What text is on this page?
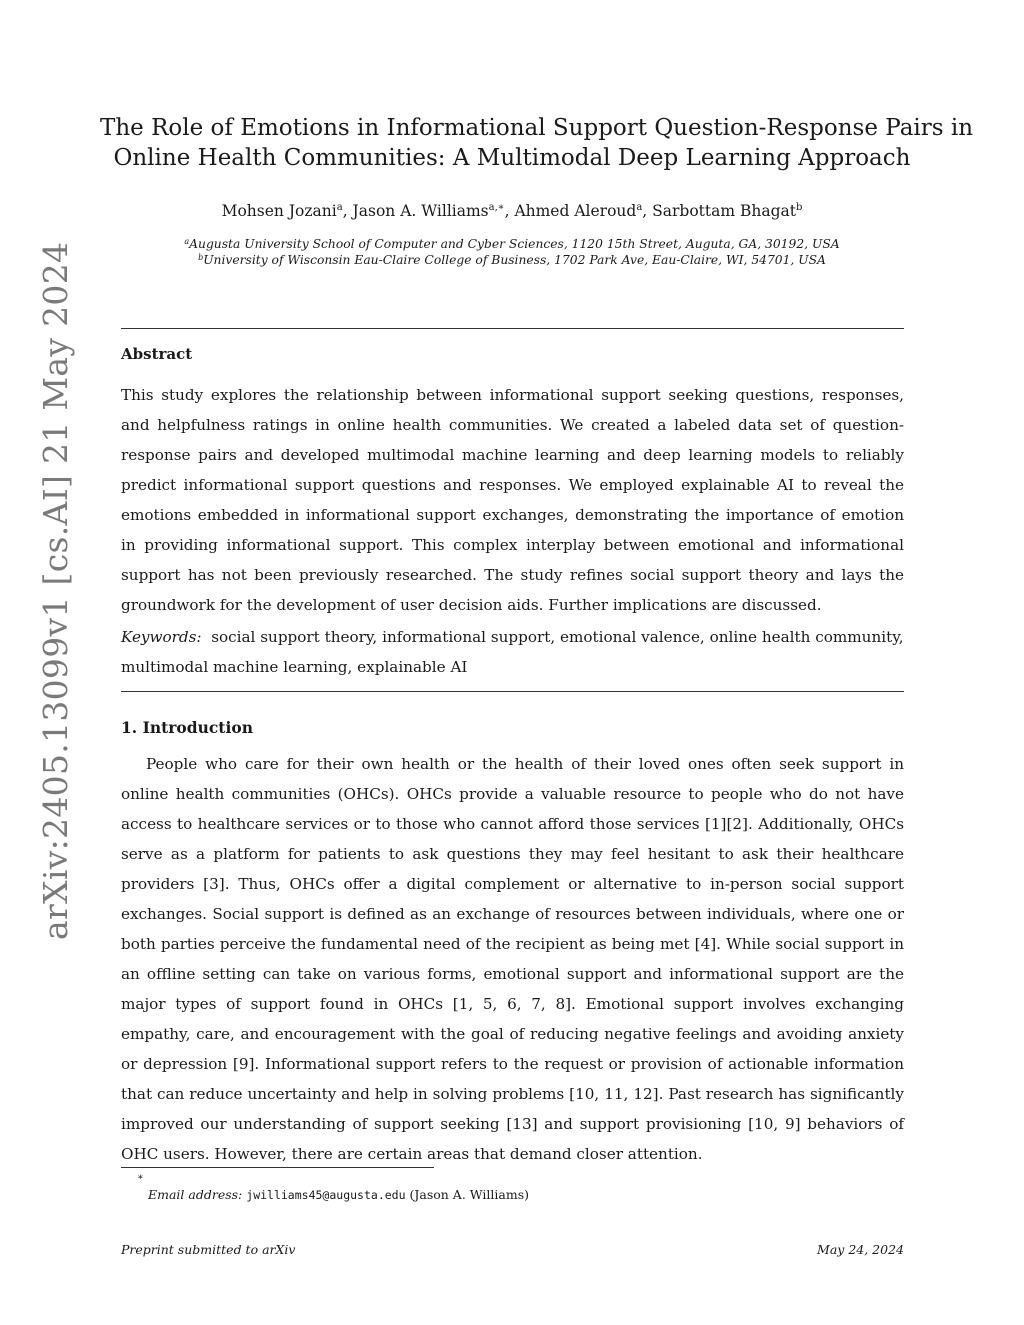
arXiv:2405.13099v1 [cs.AI] 21 May 2024
The Role of Emotions in Informational Support Question-Response Pairs in
Online Health Communities: A Multimodal Deep Learning Approach
Mohsen Jozani$^a$, Jason A. Williams$^{a,∗}$, Ahmed Aleroud$^a$, Sarbottam Bhagat$^b$
$^a$Augusta University School of Computer and Cyber Sciences, 1120 15th Street, Auguta, GA, 30192, USA
$^b$University of Wisconsin Eau-Claire College of Business, 1702 Park Ave, Eau-Claire, WI, 54701, USA
Abstract
This study explores the relationship between informational support seeking questions, responses, and helpfulness ratings in online health communities. We created a labeled data set of question-response pairs and developed multimodal machine learning and deep learning models to reliably predict informational support questions and responses. We employed explainable AI to reveal the emotions embedded in informational support exchanges, demonstrating the importance of emotion in providing informational support. This complex interplay between emotional and informational support has not been previously researched. The study refines social support theory and lays the groundwork for the development of user decision aids. Further implications are discussed.
Keywords: social support theory, informational support, emotional valence, online health community, multimodal machine learning, explainable AI
1. Introduction
People who care for their own health or the health of their loved ones often seek support in online health communities (OHCs). OHCs provide a valuable resource to people who do not have access to healthcare services or to those who cannot afford those services [1][2]. Additionally, OHCs serve as a platform for patients to ask questions they may feel hesitant to ask their healthcare providers [3]. Thus, OHCs offer a digital complement or alternative to in-person social support exchanges. Social support is defined as an exchange of resources between individuals, where one or both parties perceive the fundamental need of the recipient as being met [4]. While social support in an offline setting can take on various forms, emotional support and informational support are the major types of support found in OHCs [1, 5, 6, 7, 8]. Emotional support involves exchanging empathy, care, and encouragement with the goal of reducing negative feelings and avoiding anxiety or depression [9]. Informational support refers to the request or provision of actionable information that can reduce uncertainty and help in solving problems [10, 11, 12]. Past research has significantly improved our understanding of support seeking [13] and support provisioning [10, 9] behaviors of OHC users. However, there are certain areas that demand closer attention.
∗
Email address: jwilliams45@augusta.edu (Jason A. Williams)
Preprint submitted to arXiv	May 24, 2024
